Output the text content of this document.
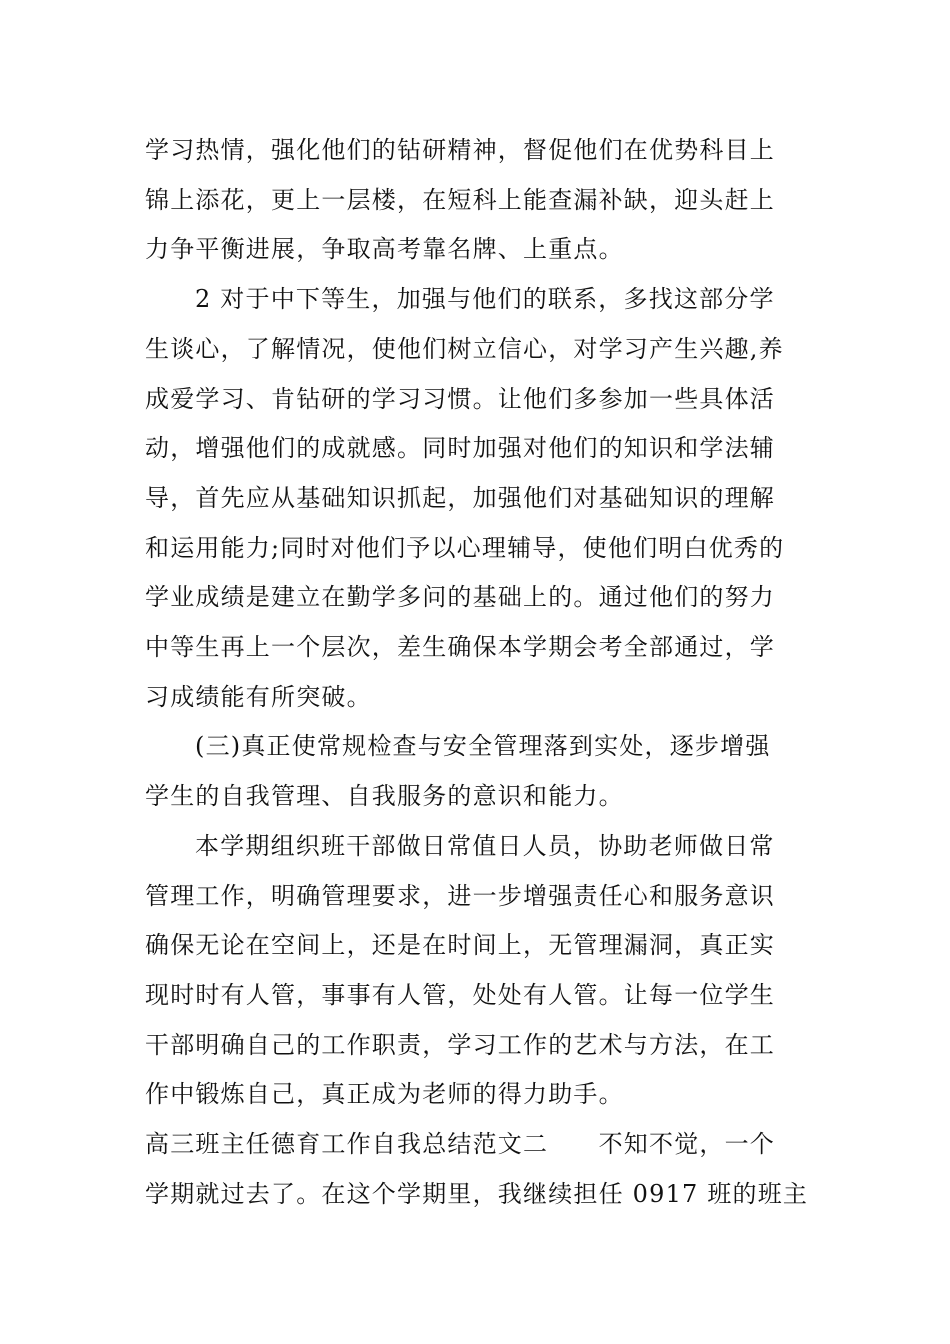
学习热情，强化他们的钻研精神，督促他们在优势科目上
锦上添花，更上一层楼，在短科上能查漏补缺，迎头赶上
力争平衡进展，争取高考靠名牌、上重点。
2 对于中下等生，加强与他们的联系，多找这部分学
生谈心，了解情况，使他们树立信心，对学习产生兴趣,养
成爱学习、肯钻研的学习习惯。让他们多参加一些具体活
动，增强他们的成就感。同时加强对他们的知识和学法辅
导，首先应从基础知识抓起，加强他们对基础知识的理解
和运用能力;同时对他们予以心理辅导，使他们明白优秀的
学业成绩是建立在勤学多问的基础上的。通过他们的努力
中等生再上一个层次，差生确保本学期会考全部通过，学
习成绩能有所突破。
(三)真正使常规检查与安全管理落到实处，逐步增强
学生的自我管理、自我服务的意识和能力。
本学期组织班干部做日常值日人员，协助老师做日常
管理工作，明确管理要求，进一步增强责任心和服务意识
确保无论在空间上，还是在时间上，无管理漏洞，真正实
现时时有人管，事事有人管，处处有人管。让每一位学生
干部明确自己的工作职责，学习工作的艺术与方法，在工
作中锻炼自己，真正成为老师的得力助手。
高三班主任德育工作自我总结范文二　　不知不觉，一个
学期就过去了。在这个学期里，我继续担任 0917 班的班主
